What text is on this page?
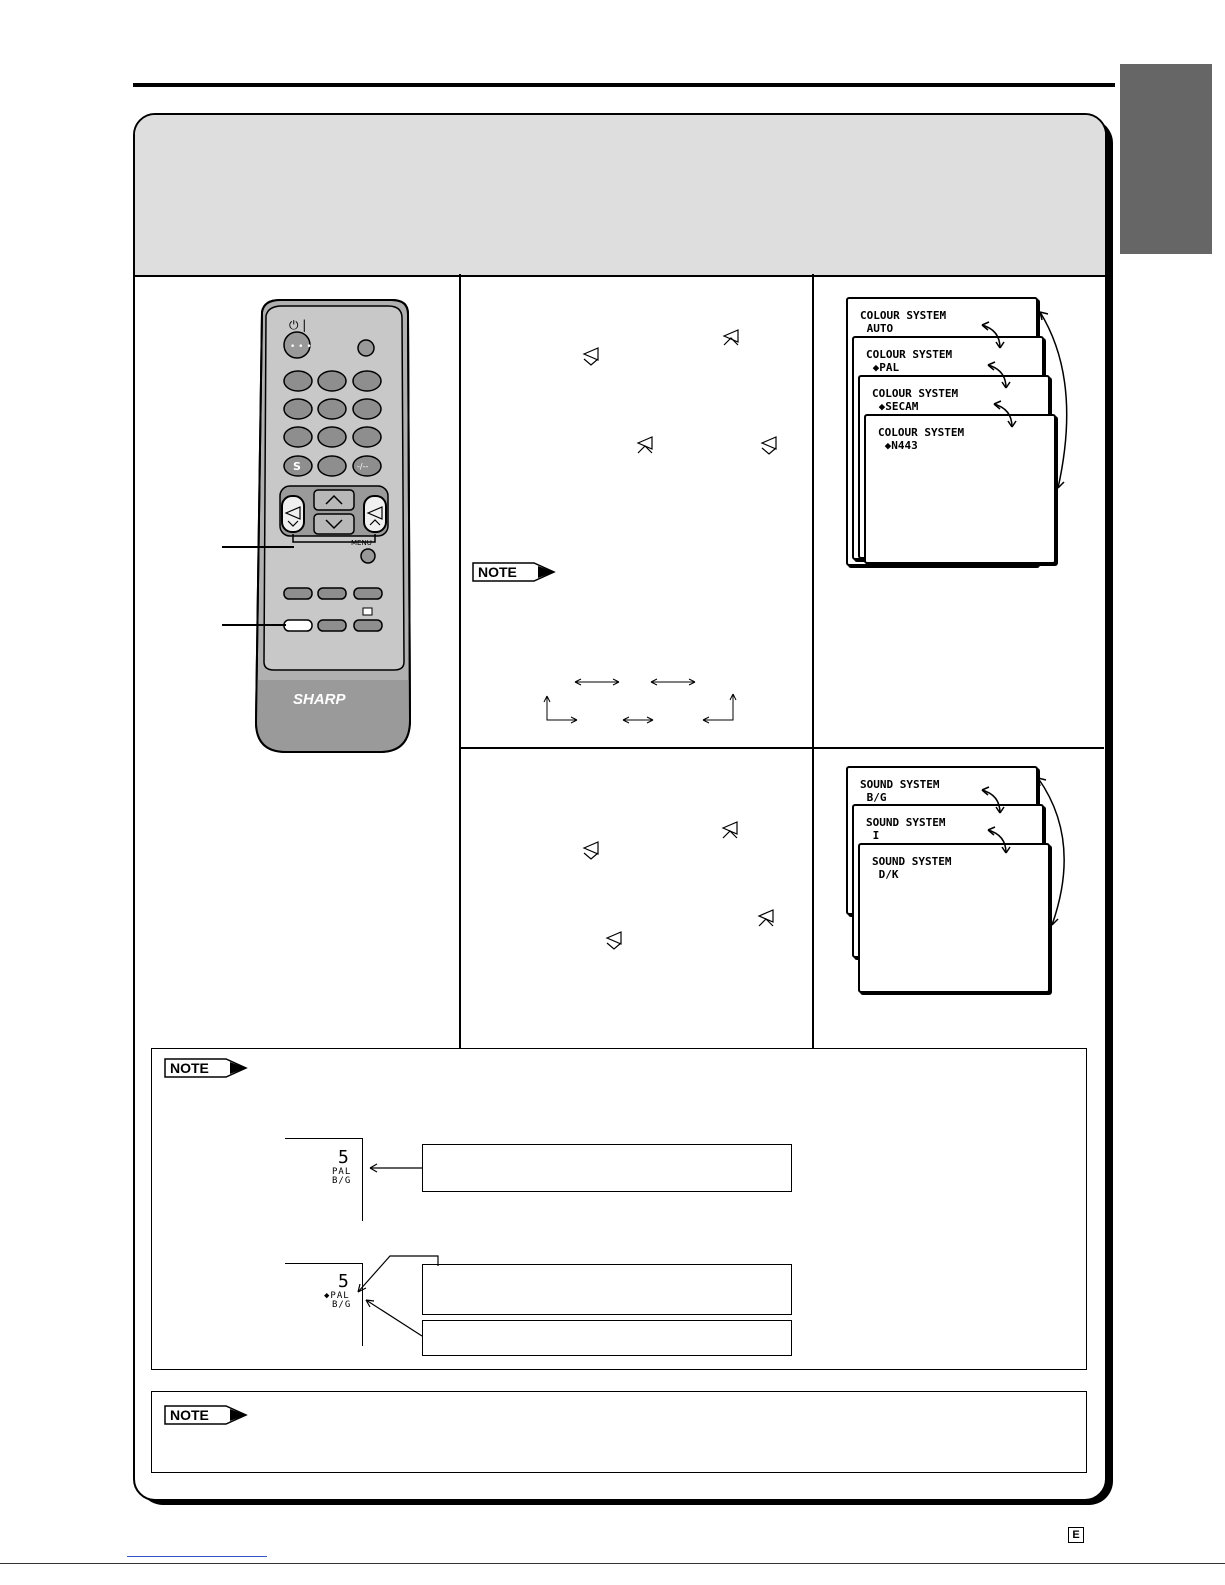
• • •
⏻ |
S	-/--
MENU
SHARP
NOTE
COLOUR SYSTEM
AUTO
COLOUR SYSTEM
◆PAL
COLOUR SYSTEM
◆SECAM
COLOUR SYSTEM
◆N443
SOUND SYSTEM
B/G
SOUND SYSTEM
I
SOUND SYSTEM
D/K
NOTE
5
PAL
B/G
5
◆PAL
B/G
NOTE
E
